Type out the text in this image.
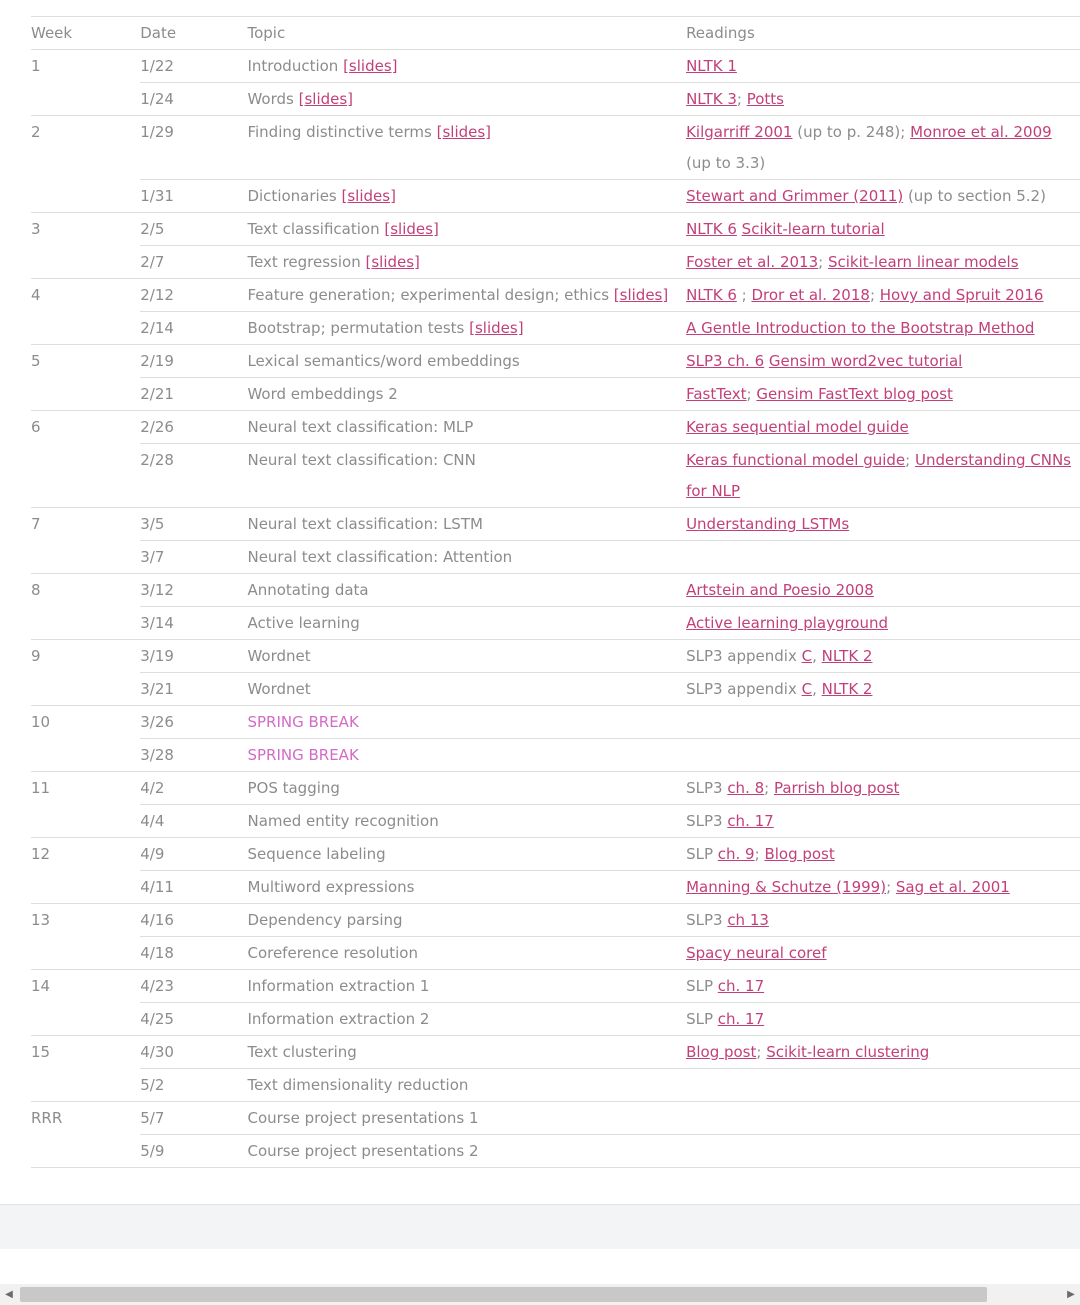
Week	Date	Topic	Readings
1	1/22	Introduction [slides]	NLTK 1
	1/24	Words [slides]	NLTK 3; Potts
2	1/29	Finding distinctive terms [slides]	Kilgarriff 2001 (up to p. 248); Monroe et al. 2009 (up to 3.3)
	1/31	Dictionaries [slides]	Stewart and Grimmer (2011) (up to section 5.2)
3	2/5	Text classification [slides]	NLTK 6 Scikit-learn tutorial
	2/7	Text regression [slides]	Foster et al. 2013; Scikit-learn linear models
4	2/12	Feature generation; experimental design; ethics [slides]	NLTK 6 ; Dror et al. 2018; Hovy and Spruit 2016
	2/14	Bootstrap; permutation tests [slides]	A Gentle Introduction to the Bootstrap Method
5	2/19	Lexical semantics/word embeddings	SLP3 ch. 6 Gensim word2vec tutorial
	2/21	Word embeddings 2	FastText; Gensim FastText blog post
6	2/26	Neural text classification: MLP	Keras sequential model guide
	2/28	Neural text classification: CNN	Keras functional model guide; Understanding CNNs for NLP
7	3/5	Neural text classification: LSTM	Understanding LSTMs
	3/7	Neural text classification: Attention	
8	3/12	Annotating data	Artstein and Poesio 2008
	3/14	Active learning	Active learning playground
9	3/19	Wordnet	SLP3 appendix C, NLTK 2
	3/21	Wordnet	SLP3 appendix C, NLTK 2
10	3/26	SPRING BREAK	
	3/28	SPRING BREAK	
11	4/2	POS tagging	SLP3 ch. 8; Parrish blog post
	4/4	Named entity recognition	SLP3 ch. 17
12	4/9	Sequence labeling	SLP ch. 9; Blog post
	4/11	Multiword expressions	Manning & Schutze (1999); Sag et al. 2001
13	4/16	Dependency parsing	SLP3 ch 13
	4/18	Coreference resolution	Spacy neural coref
14	4/23	Information extraction 1	SLP ch. 17
	4/25	Information extraction 2	SLP ch. 17
15	4/30	Text clustering	Blog post; Scikit-learn clustering
	5/2	Text dimensionality reduction	
RRR	5/7	Course project presentations 1	
	5/9	Course project presentations 2	
◀	▶
